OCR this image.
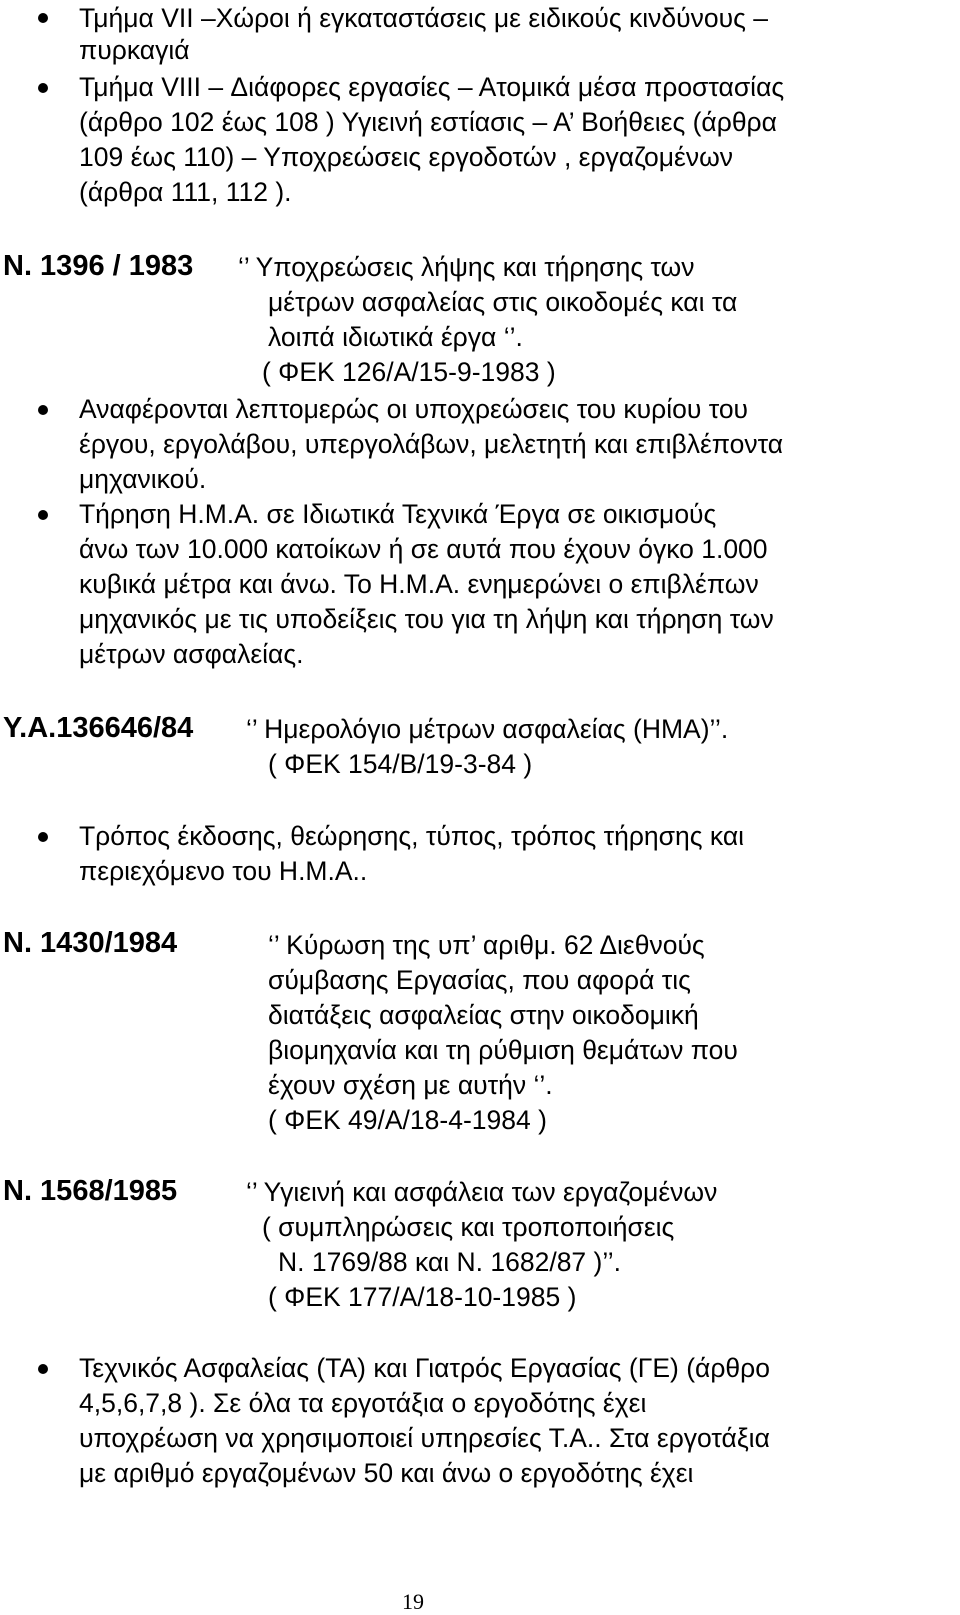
Τμήμα VII –Χώροι ή εγκαταστάσεις με ειδικούς κινδύνους –
πυρκαγιά
Τμήμα VIII – Διάφορες εργασίες – Ατομικά μέσα προστασίας
(άρθρο 102 έως 108 ) Υγιεινή εστίασις – Α’ Βοήθειες (άρθρα
109 έως 110) – Υποχρεώσεις εργοδοτών , εργαζομένων
(άρθρα 111, 112 ).
Ν. 1396 / 1983 ‘’ Υποχρεώσεις λήψης και τήρησης των
μέτρων ασφαλείας στις οικοδομές και τα
λοιπά ιδιωτικά έργα ‘’.
( ΦΕΚ 126/Α/15-9-1983 )
Αναφέρονται λεπτομερώς οι υποχρεώσεις του κυρίου του
έργου, εργολάβου, υπεργολάβων, μελετητή και επιβλέποντα
μηχανικού.
Τήρηση Η.Μ.Α. σε Ιδιωτικά Τεχνικά Έργα σε οικισμούς
άνω των 10.000 κατοίκων ή σε αυτά που έχουν όγκο 1.000
κυβικά μέτρα και άνω. Το Η.Μ.Α. ενημερώνει ο επιβλέπων
μηχανικός με τις υποδείξεις του για τη λήψη και τήρηση των
μέτρων ασφαλείας.
Υ.Α.136646/84 ‘’ Ημερολόγιο μέτρων ασφαλείας (ΗΜΑ)’’.
( ΦΕΚ 154/Β/19-3-84 )
Τρόπος έκδοσης, θεώρησης, τύπος, τρόπος τήρησης και
περιεχόμενο του Η.Μ.Α..
Ν. 1430/1984	‘’ Κύρωση της υπ’ αριθμ. 62 Διεθνούς
σύμβασης Εργασίας, που αφορά τις
διατάξεις ασφαλείας στην οικοδομική
βιομηχανία και τη ρύθμιση θεμάτων που
έχουν σχέση με αυτήν ‘’.
( ΦΕΚ 49/Α/18-4-1984 )
Ν. 1568/1985	‘’ Υγιεινή και ασφάλεια των εργαζομένων
( συμπληρώσεις και τροποποιήσεις
Ν. 1769/88 και Ν. 1682/87 )’’.
( ΦΕΚ 177/Α/18-10-1985 )
Τεχνικός Ασφαλείας (ΤΑ) και Γιατρός Εργασίας (ΓΕ) (άρθρο
4,5,6,7,8 ). Σε όλα τα εργοτάξια ο εργοδότης έχει
υποχρέωση να χρησιμοποιεί υπηρεσίες Τ.Α.. Στα εργοτάξια
με αριθμό εργαζομένων 50 και άνω ο εργοδότης έχει
19
